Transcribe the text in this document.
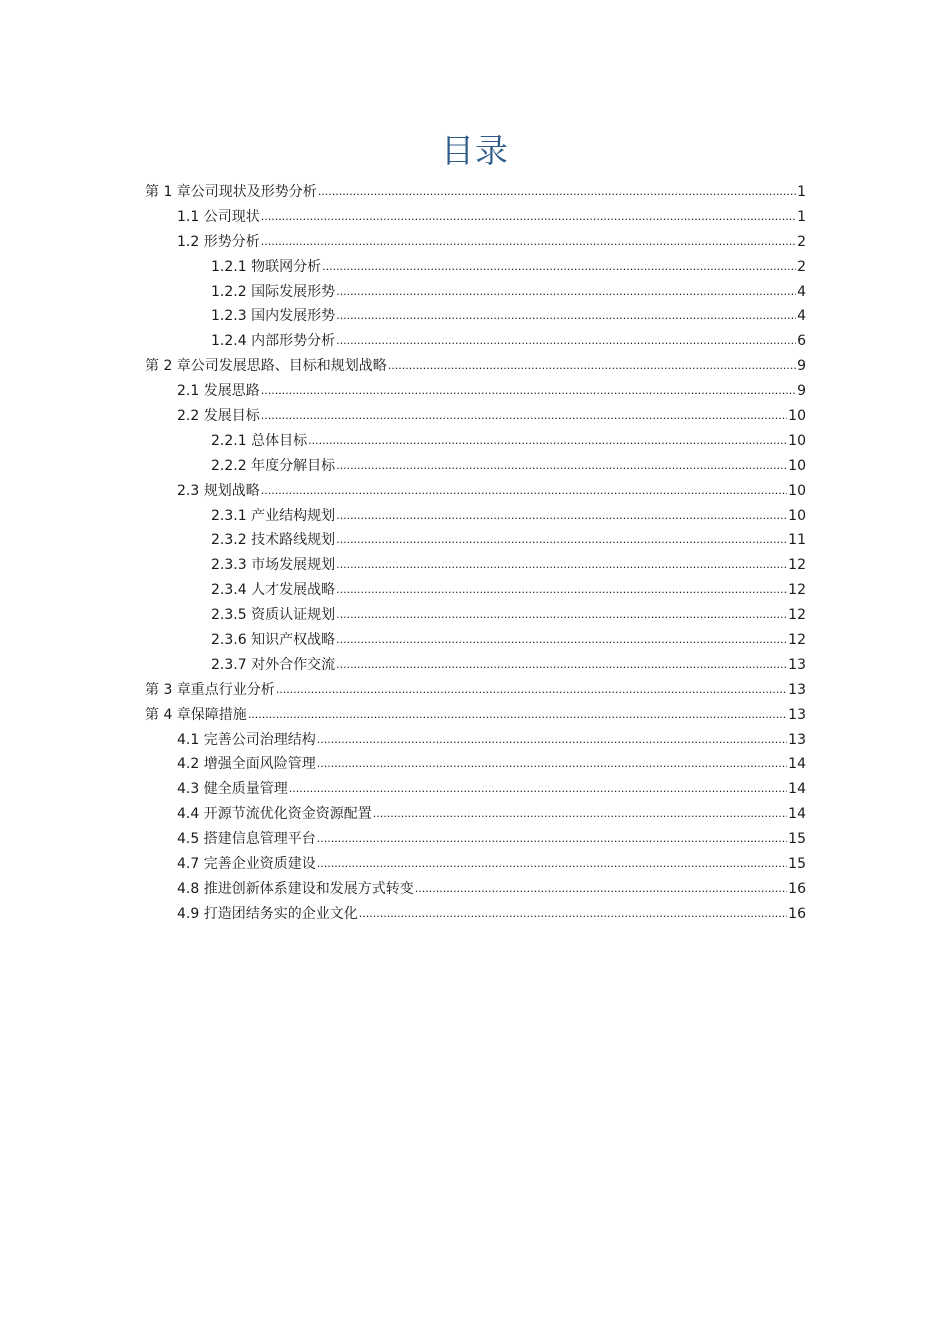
目录
第 1 章公司现状及形势分析 .....	1
1.1 公司现状 .....	1
1.2 形势分析 .....	2
1.2.1 物联网分析 .....	2
1.2.2 国际发展形势 .....	4
1.2.3 国内发展形势 .....	4
1.2.4 内部形势分析 .....	6
第 2 章公司发展思路、目标和规划战略 .....	9
2.1 发展思路 .....	9
2.2 发展目标 .....	10
2.2.1 总体目标 .....	10
2.2.2 年度分解目标 .....	10
2.3 规划战略 .....	10
2.3.1 产业结构规划 .....	10
2.3.2 技术路线规划 .....	11
2.3.3 市场发展规划 .....	12
2.3.4 人才发展战略 .....	12
2.3.5 资质认证规划 .....	12
2.3.6 知识产权战略 .....	12
2.3.7 对外合作交流 .....	13
第 3 章重点行业分析 .....	13
第 4 章保障措施 .....	13
4.1 完善公司治理结构 .....	13
4.2 增强全面风险管理 .....	14
4.3 健全质量管理 .....	14
4.4 开源节流优化资金资源配置 .....	14
4.5 搭建信息管理平台 .....	15
4.7 完善企业资质建设 .....	15
4.8 推进创新体系建设和发展方式转变 .....	16
4.9 打造团结务实的企业文化 .....	16
